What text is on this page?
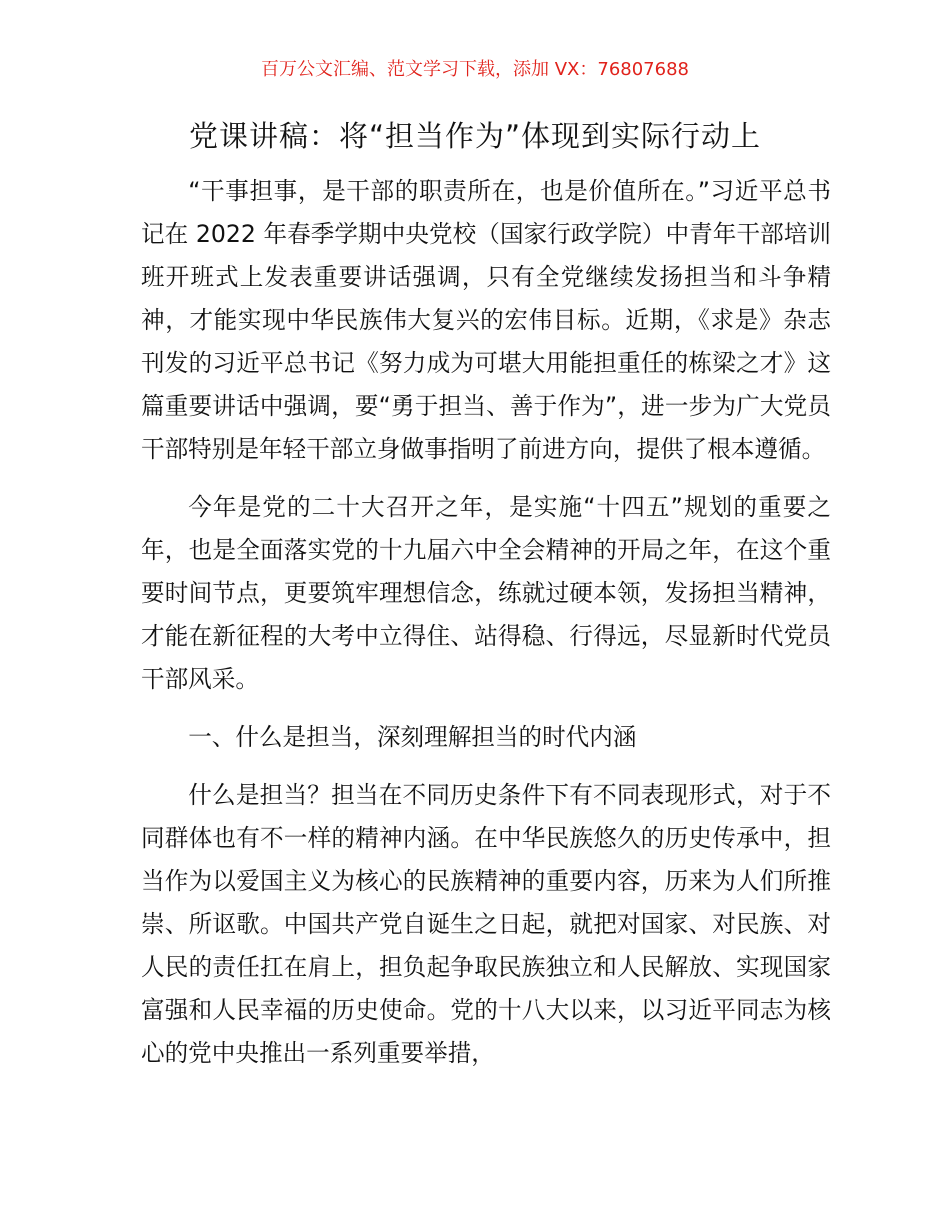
百万公文汇编、范文学习下载，添加 VX：76807688
党课讲稿：将“担当作为”体现到实际行动上

“干事担事，是干部的职责所在，也是价值所在。”习近平总书记在 2022 年春季学期中央党校（国家行政学院）中青年干部培训班开班式上发表重要讲话强调，只有全党继续发扬担当和斗争精神，才能实现中华民族伟大复兴的宏伟目标。近期，《求是》杂志刊发的习近平总书记《努力成为可堪大用能担重任的栋梁之才》这篇重要讲话中强调，要“勇于担当、善于作为”，进一步为广大党员干部特别是年轻干部立身做事指明了前进方向，提供了根本遵循。

今年是党的二十大召开之年，是实施“十四五”规划的重要之年，也是全面落实党的十九届六中全会精神的开局之年，在这个重要时间节点，更要筑牢理想信念，练就过硬本领，发扬担当精神，才能在新征程的大考中立得住、站得稳、行得远，尽显新时代党员干部风采。

一、什么是担当，深刻理解担当的时代内涵

什么是担当？担当在不同历史条件下有不同表现形式，对于不同群体也有不一样的精神内涵。在中华民族悠久的历史传承中，担当作为以爱国主义为核心的民族精神的重要内容，历来为人们所推崇、所讴歌。中国共产党自诞生之日起，就把对国家、对民族、对人民的责任扛在肩上，担负起争取民族独立和人民解放、实现国家富强和人民幸福的历史使命。党的十八大以来，以习近平同志为核心的党中央推出一系列重要举措，
